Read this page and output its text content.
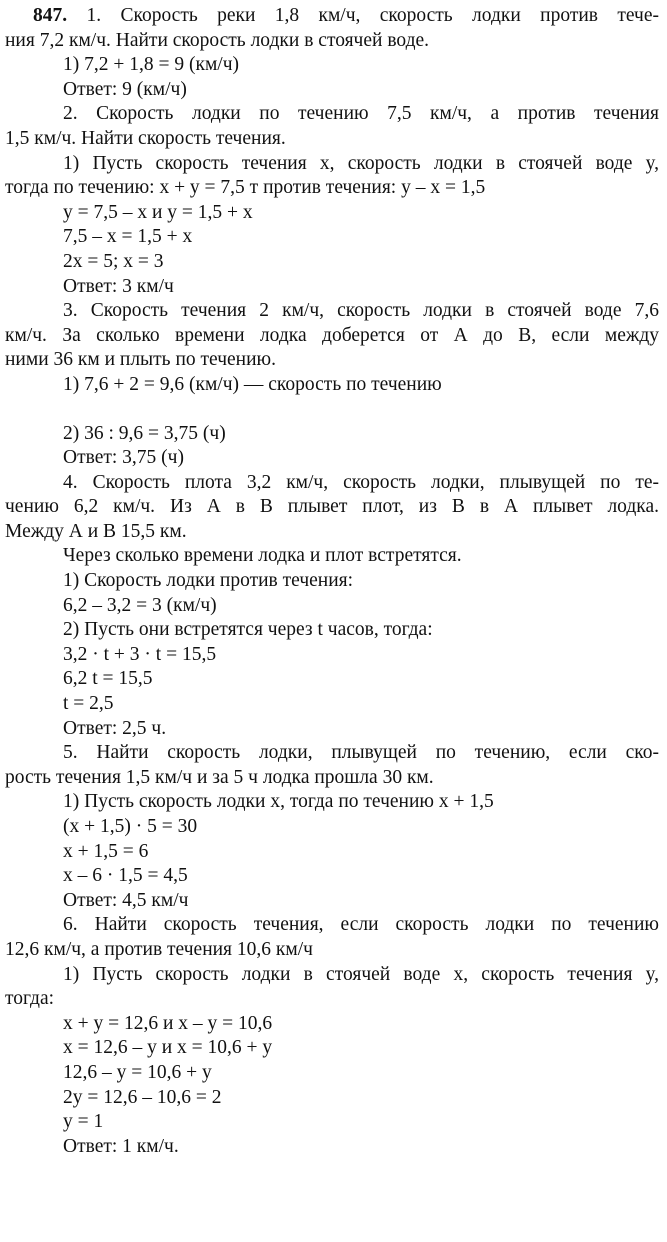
847. 1. Скорость реки 1,8 км/ч, скорость лодки против тече-
ния 7,2 км/ч. Найти скорость лодки в стоячей воде.
1) 7,2 + 1,8 = 9 (км/ч)
Ответ: 9 (км/ч)
2. Скорость лодки по течению 7,5 км/ч, а против течения
1,5 км/ч. Найти скорость течения.
1) Пусть скорость течения x, скорость лодки в стоячей воде y,
тогда по течению: x + y = 7,5 т против течения: y – x = 1,5
y = 7,5 – x и y = 1,5 + x
7,5 – x = 1,5 + x
2x = 5; x = 3
Ответ: 3 км/ч
3. Скорость течения 2 км/ч, скорость лодки в стоячей воде 7,6
км/ч. За сколько времени лодка доберется от А до В, если между
ними 36 км и плыть по течению.
1) 7,6 + 2 = 9,6 (км/ч) — скорость по течению
2) 36 : 9,6 = 3,75 (ч)
Ответ: 3,75 (ч)
4. Скорость плота 3,2 км/ч, скорость лодки, плывущей по те-
чению 6,2 км/ч. Из А в В плывет плот, из В в А плывет лодка.
Между А и В 15,5 км.
Через сколько времени лодка и плот встретятся.
1) Скорость лодки против течения:
6,2 – 3,2 = 3 (км/ч)
2) Пусть они встретятся через t часов, тогда:
3,2 · t + 3 · t = 15,5
6,2 t = 15,5
t = 2,5
Ответ: 2,5 ч.
5. Найти скорость лодки, плывущей по течению, если ско-
рость течения 1,5 км/ч и за 5 ч лодка прошла 30 км.
1) Пусть скорость лодки x, тогда по течению x + 1,5
(x + 1,5) · 5 = 30
x + 1,5 = 6
x – 6 · 1,5 = 4,5
Ответ: 4,5 км/ч
6. Найти скорость течения, если скорость лодки по течению
12,6 км/ч, а против течения 10,6 км/ч
1) Пусть скорость лодки в стоячей воде x, скорость течения y,
тогда:
x + y = 12,6 и x – y = 10,6
x = 12,6 – y и x = 10,6 + y
12,6 – y = 10,6 + y
2y = 12,6 – 10,6 = 2
y = 1
Ответ: 1 км/ч.
